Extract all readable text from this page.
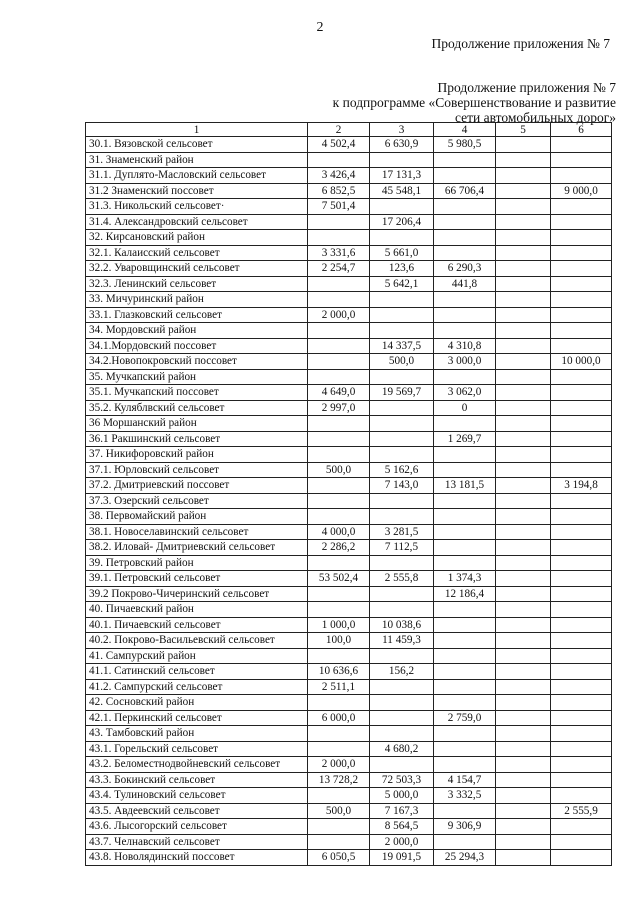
2
Продолжение приложения № 7
Продолжение приложения № 7
к подпрограмме «Совершенствование и развитие
сети автомобильных дорог»
1	2	3	4	5	6
30.1. Вязовской сельсовет	4 502,4	6 630,9	5 980,5		
31. Знаменский район					
31.1. Дуплято-Масловский сельсовет	3 426,4	17 131,3			
31.2 Знаменский поссовет	6 852,5	45 548,1	66 706,4		9 000,0
31.3. Никольский сельсовет·	7 501,4				
31.4. Александровский сельсовет		17 206,4			
32. Кирсановский район					
32.1. Калаисский сельсовет	3 331,6	5 661,0			
32.2. Уваровщинский сельсовет	2 254,7	123,6	6 290,3		
32.3. Ленинский сельсовет		5 642,1	441,8		
33. Мичуринский район					
33.1. Глазковский сельсовет	2 000,0				
34. Мордовский район					
34.1.Мордовский поссовет		14 337,5	4 310,8		
34.2.Новопокровский поссовет		500,0	3 000,0		10 000,0
35. Мучкапский район					
35.1. Мучкапский поссовет	4 649,0	19 569,7	3 062,0		
35.2. Куляблвский сельсовет	2 997,0		0		
36 Моршанский район					
36.1 Ракшинский сельсовет			1 269,7		
37. Никифоровский район					
37.1. Юрловский сельсовет	500,0	5 162,6			
37.2. Дмитриевский поссовет		7 143,0	13 181,5		3 194,8
37.3. Озерский сельсовет					
38. Первомайский район					
38.1. Новоселавинский сельсовет	4 000,0	3 281,5			
38.2. Иловай- Дмитриевский сельсовет	2 286,2	7 112,5			
39. Петровский район					
39.1. Петровский сельсовет	53 502,4	2 555,8	1 374,3		
39.2 Покрово-Чичеринский сельсовет			12 186,4		
40. Пичаевский район					
40.1. Пичаевский сельсовет	1 000,0	10 038,6			
40.2. Покрово-Васильевский сельсовет	100,0	11 459,3			
41. Сампурский район					
41.1. Сатинский сельсовет	10 636,6	156,2			
41.2. Сампурский сельсовет	2 511,1				
42. Сосновский район					
42.1. Перкинский сельсовет	6 000,0		2 759,0		
43. Тамбовский район					
43.1. Горельский сельсовет		4 680,2			
43.2. Беломестнодвойневский сельсовет	2 000,0				
43.3. Бокинский сельсовет	13 728,2	72 503,3	4 154,7		
43.4. Тулиновский сельсовет		5 000,0	3 332,5		
43.5. Авдеевский сельсовет	500,0	7 167,3			2 555,9
43.6. Лысогорский сельсовет		8 564,5	9 306,9		
43.7. Челнавский сельсовет		2 000,0			
43.8. Новолядинский поссовет	6 050,5	19 091,5	25 294,3		
